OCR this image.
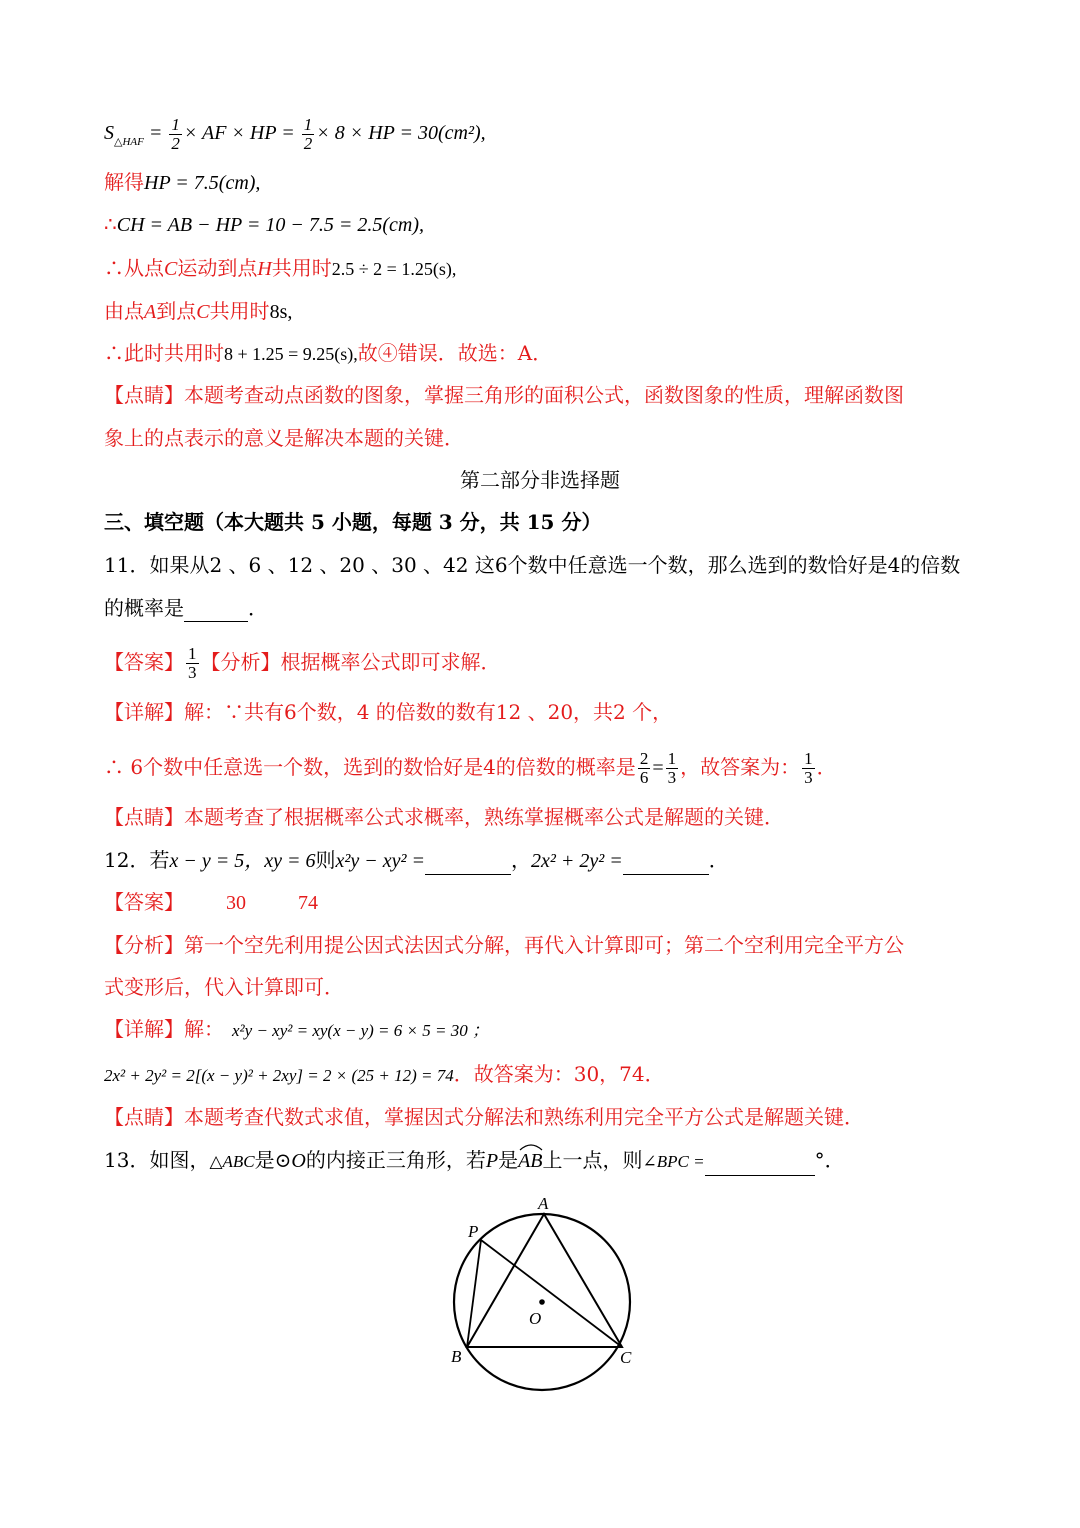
$S_{\triangle HAF} = \frac{1}{2}$ × AF × HP = $\frac{1}{2} \times 8$ × HP = 30(cm²),
解得HP = 7.5(cm),
∴CH = AB − HP = 10 − 7.5 = 2.5(cm),
∴从点C运动到点H共用时2.5 ÷ 2 = 1.25(s),
由点A到点C共用时8s,
∴此时共用时8 + 1.25 = 9.25(s),故④错误．故选：A．
【点睛】本题考查动点函数的图象，掌握三角形的面积公式，函数图象的性质，理解函数图
象上的点表示的意义是解决本题的关键．
第二部分非选择题
三、填空题（本大题共 5 小题，每题 3 分，共 15 分）
11．如果从2 、6 、12 、20 、30 、42 这6个数中任意选一个数，那么选到的数恰好是4的倍数
的概率是	．
【答案】 $\frac{1}{3}$ 【分析】根据概率公式即可求解．
【详解】解：∵共有6个数，4 的倍数的数有12 、20，共2 个，
∴ 6个数中任意选一个数，选到的数恰好是4的倍数的概率是 $\frac{2}{6} = \frac{1}{3}$ ，故答案为： $\frac{1}{3}$ ．
【点睛】本题考查了根据概率公式求概率，熟练掌握概率公式是解题的关键．
12．若x − y = 5，xy = 6则x²y − xy² =	，2x² + 2y² =	．
【答案】 30	74
【分析】第一个空先利用提公因式法因式分解，再代入计算即可；第二个空利用完全平方公
式变形后，代入计算即可．
【详解】解： x²y − xy² = xy(x − y) = 6 × 5 = 30 ；
2x² + 2y² = 2[(x − y)² + 2xy] = 2 × (25 + 12) = 74．故答案为：30，74．
【点睛】本题考查代数式求值，掌握因式分解法和熟练利用完全平方公式是解题关键．
13．如图，△ABC是⊙O的内接正三角形，若P是
AB上一点，则∠BPC =	°．
A
P
O
B	C
